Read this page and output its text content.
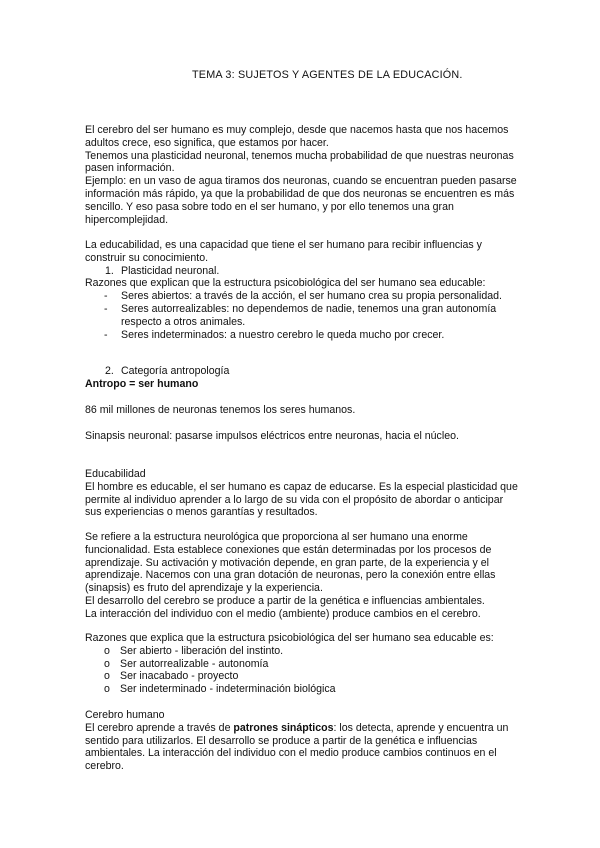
TEMA 3: SUJETOS Y AGENTES DE LA EDUCACIÓN.

El cerebro del ser humano es muy complejo, desde que nacemos hasta que nos hacemos adultos crece, eso significa, que estamos por hacer.

Tenemos una plasticidad neuronal, tenemos mucha probabilidad de que nuestras neuronas pasen información.

Ejemplo: en un vaso de agua tiramos dos neuronas, cuando se encuentran pueden pasarse información más rápido, ya que la probabilidad de que dos neuronas se encuentren es más sencillo. Y eso pasa sobre todo en el ser humano, y por ello tenemos una gran hipercomplejidad.

La educabilidad, es una capacidad que tiene el ser humano para recibir influencias y construir su conocimiento.

1. Plasticidad neuronal.

Razones que explican que la estructura psicobiológica del ser humano sea educable:

- Seres abiertos: a través de la acción, el ser humano crea su propia personalidad.
- Seres autorrealizables: no dependemos de nadie, tenemos una gran autonomía respecto a otros animales.
- Seres indeterminados: a nuestro cerebro le queda mucho por crecer.
2. Categoría antropología

Antropo = ser humano

86 mil millones de neuronas tenemos los seres humanos.

Sinapsis neuronal: pasarse impulsos eléctricos entre neuronas, hacia el núcleo.

Educabilidad

El hombre es educable, el ser humano es capaz de educarse. Es la especial plasticidad que permite al individuo aprender a lo largo de su vida con el propósito de abordar o anticipar sus experiencias o menos garantías y resultados.

Se refiere a la estructura neurológica que proporciona al ser humano una enorme funcionalidad. Esta establece conexiones que están determinadas por los procesos de aprendizaje. Su activación y motivación depende, en gran parte, de la experiencia y el aprendizaje. Nacemos con una gran dotación de neuronas, pero la conexión entre ellas (sinapsis) es fruto del aprendizaje y la experiencia.

El desarrollo del cerebro se produce a partir de la genética e influencias ambientales.

La interacción del individuo con el medio (ambiente) produce cambios en el cerebro.

Razones que explica que la estructura psicobiológica del ser humano sea educable es:

o Ser abierto - liberación del instinto.
o Ser autorrealizable - autonomía
o Ser inacabado - proyecto
o Ser indeterminado - indeterminación biológica

Cerebro humano

El cerebro aprende a través de patrones sinápticos: los detecta, aprende y encuentra un sentido para utilizarlos. El desarrollo se produce a partir de la genética e influencias ambientales. La interacción del individuo con el medio produce cambios continuos en el cerebro.
